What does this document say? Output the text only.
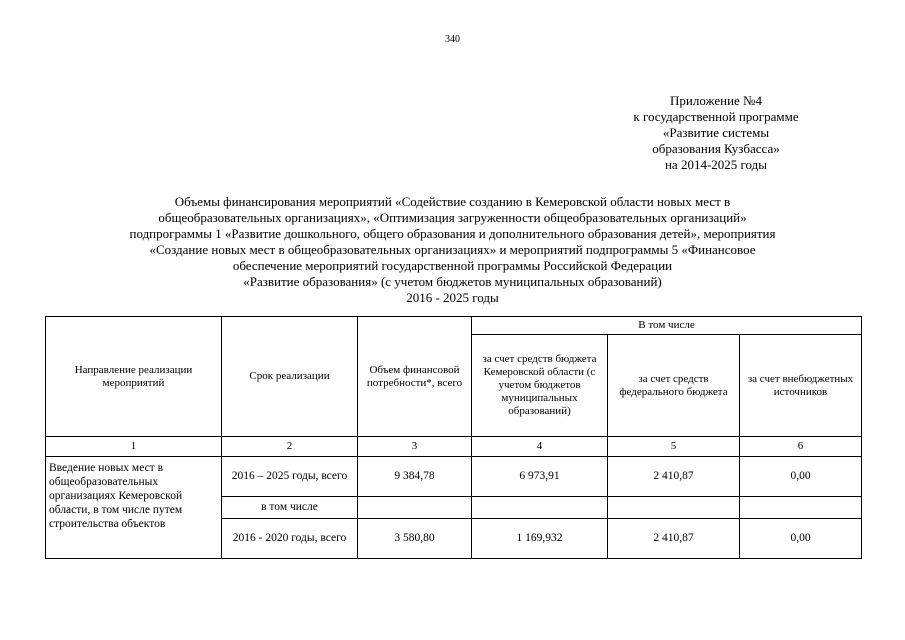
340
Приложение №4
к государственной программе
«Развитие системы
образования Кузбасса»
на 2014-2025 годы
Объемы финансирования мероприятий «Содействие созданию в Кемеровской области новых мест в
общеобразовательных организациях», «Оптимизация загруженности общеобразовательных организаций»
подпрограммы 1 «Развитие дошкольного, общего образования и дополнительного образования детей», мероприятия
«Создание новых мест в общеобразовательных организациях» и мероприятий подпрограммы 5 «Финансовое
обеспечение мероприятий государственной программы Российской Федерации
«Развитие образования» (с учетом бюджетов муниципальных образований)
2016 - 2025 годы
Направление реализации мероприятий	Срок реализации	Объем финансовой потребности*, всего	В том числе		
			за счет средств бюджета Кемеровской области (с учетом бюджетов муниципальных образований)	за счет средств федерального бюджета	за счет внебюджетных источников
1	2	3	4	5	6
Введение новых мест в общеобразовательных организациях Кемеровской области, в том числе путем строительства объектов	2016 – 2025 годы, всего	9 384,78	6 973,91	2 410,87	0,00
	в том числе				
	2016 - 2020 годы, всего	3 580,80	1 169,932	2 410,87	0,00
